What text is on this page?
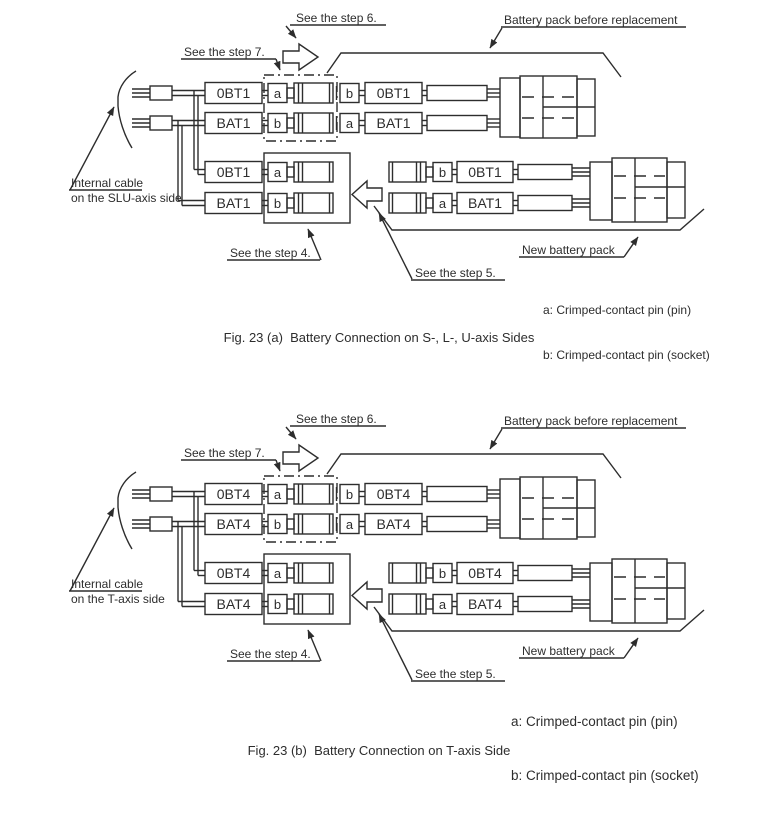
See the step 6.
See the step 7.
Battery pack before replacement
Internal cable
on the SLU-axis side
0BT1 a	b 0BT1
BAT1 b	a BAT1
0BT1 a
BAT1 b
b 0BT1
a BAT1
See the step 4.
See the step 5.
New battery pack

a: Crimped-contact pin (pin)

b: Crimped-contact pin (socket)

Fig. 23 (a)  Battery Connection on S-, L-, U-axis Sides
See the step 6.
See the step 7.
Battery pack before replacement
Internal cable
on the T-axis side
0BT4 a	b 0BT4
BAT4 b	a BAT4
0BT4 a
BAT4 b
b 0BT4
a BAT4
See the step 4.
See the step 5.
New battery pack

a: Crimped-contact pin (pin)

b: Crimped-contact pin (socket)

Fig. 23 (b)  Battery Connection on T-axis Side
